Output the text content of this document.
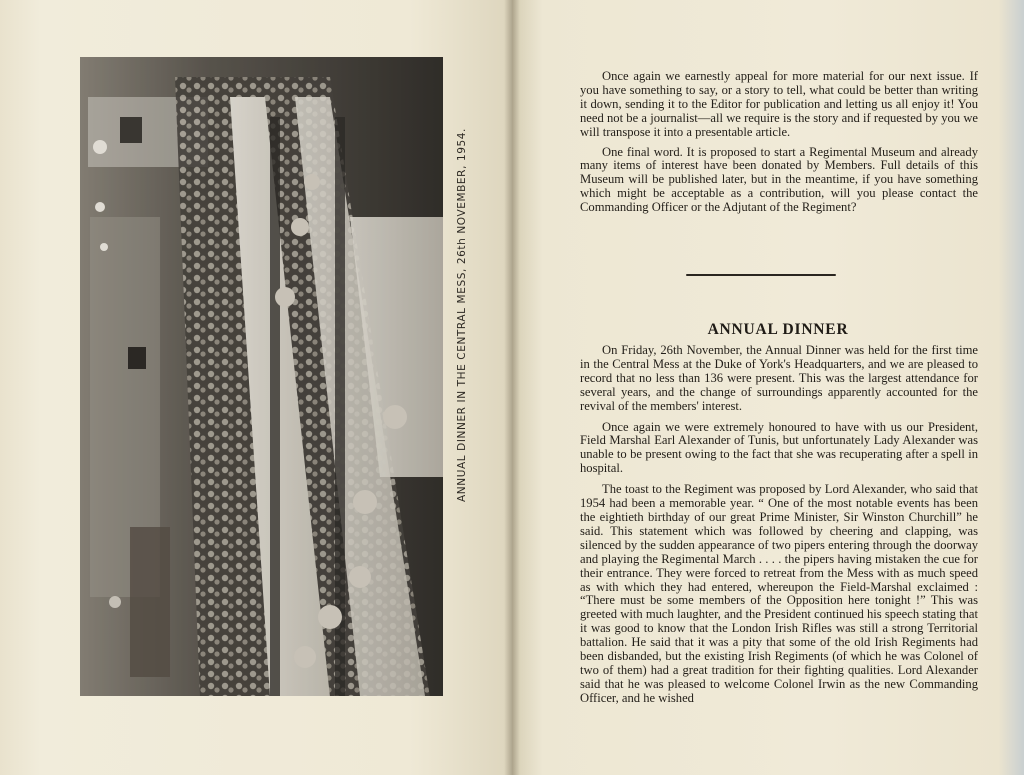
ANNUAL DINNER IN THE CENTRAL MESS, 26th NOVEMBER, 1954.

Once again we earnestly appeal for more material for our next issue. If you have something to say, or a story to tell, what could be better than writing it down, sending it to the Editor for publication and letting us all enjoy it! You need not be a journalist—all we require is the story and if requested by you we will transpose it into a presentable article.

One final word. It is proposed to start a Regimental Museum and already many items of interest have been donated by Members. Full details of this Museum will be published later, but in the meantime, if you have something which might be acceptable as a contribution, will you please contact the Commanding Officer or the Adjutant of the Regiment?

ANNUAL DINNER

On Friday, 26th November, the Annual Dinner was held for the first time in the Central Mess at the Duke of York's Headquarters, and we are pleased to record that no less than 136 were present. This was the largest attendance for several years, and the change of surroundings apparently accounted for the revival of the members' interest.

Once again we were extremely honoured to have with us our President, Field Marshal Earl Alexander of Tunis, but unfortunately Lady Alexander was unable to be present owing to the fact that she was recuperating after a spell in hospital.

The toast to the Regiment was proposed by Lord Alexander, who said that 1954 had been a memorable year. “ One of the most notable events has been the eightieth birthday of our great Prime Minister, Sir Winston Churchill” he said. This statement which was followed by cheering and clapping, was silenced by the sudden appearance of two pipers entering through the doorway and playing the Regimental March . . . . the pipers having mistaken the cue for their entrance. They were forced to retreat from the Mess with as much speed as with which they had entered, whereupon the Field-Marshal exclaimed : “There must be some members of the Opposition here tonight !” This was greeted with much laughter, and the President continued his speech stating that it was good to know that the London Irish Rifles was still a strong Territorial battalion. He said that it was a pity that some of the old Irish Regiments had been disbanded, but the existing Irish Regiments (of which he was Colonel of two of them) had a great tradition for their fighting qualities. Lord Alexander said that he was pleased to welcome Colonel Irwin as the new Commanding Officer, and he wished
